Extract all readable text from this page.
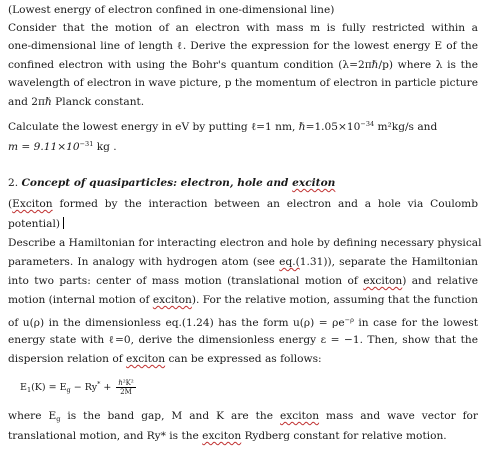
(Lowest energy of electron confined in one-dimensional line)
Consider that the motion of an electron with mass m is fully restricted within a
one-dimensional line of length ℓ. Derive the expression for the lowest energy E of the
confined electron with using the Bohr's quantum condition (λ=2πℏ/p) where λ is the
wavelength of electron in wave picture, p the momentum of electron in particle picture
and 2πℏ Planck constant.
Calculate the lowest energy in eV by putting ℓ=1 nm, $\hbar=1.05\times 10^{-34}$ m²kg/s and
$m = 9.11\times 10^{-31}$ kg .
2. Concept of quasiparticles: electron, hole and exciton
(Exciton formed by the interaction between an electron and a hole via Coulomb
potential)
Describe a Hamiltonian for interacting electron and hole by defining necessary physical
parameters. In analogy with hydrogen atom (see eq.(1.31)), separate the Hamiltonian
into two parts: center of mass motion (translational motion of exciton) and relative
motion (internal motion of exciton). For the relative motion, assuming that the function
of u(ρ) in the dimensionless eq.(1.24) has the form $u(\rho) = \rho e^{-\rho}$ in case for the lowest
energy state with ℓ=0, derive the dimensionless energy ε = −1. Then, show that the
dispersion relation of exciton can be expressed as follows:
$E_1(K) = E_g - Ry^* + \frac{\text{ℏ²K²}}{2M}$
where $E_g$ is the band gap, M and K are the exciton mass and wave vector for
translational motion, and Ry* is the exciton Rydberg constant for relative motion.
